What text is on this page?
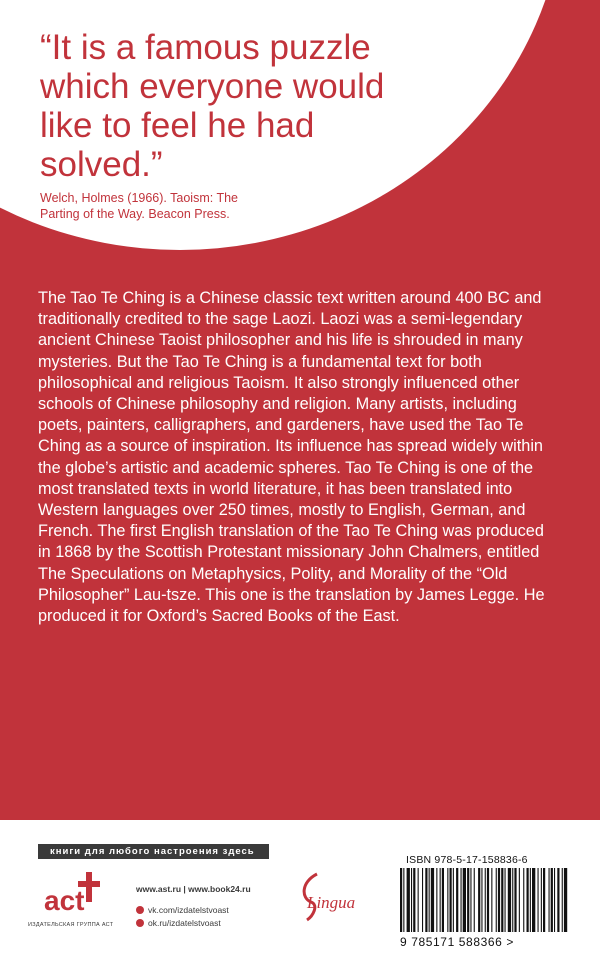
“It is a famous puzzle which everyone would like to feel he had solved.”

Welch, Holmes (1966). Taoism: The Parting of the Way. Beacon Press.

The Tao Te Ching is a Chinese classic text written around 400 BC and traditionally credited to the sage Laozi. Laozi was a semi-legendary ancient Chinese Taoist philosopher and his life is shrouded in many mysteries. But the Tao Te Ching is a fundamental text for both philosophical and religious Taoism. It also strongly influenced other schools of Chinese philosophy and religion. Many artists, including poets, painters, calligraphers, and gardeners, have used the Tao Te Ching as a source of inspiration. Its influence has spread widely within the globe’s artistic and academic spheres. Tao Te Ching is one of the most translated texts in world literature, it has been translated into Western languages over 250 times, mostly to English, German, and French. The first English translation of the Tao Te Ching was produced in 1868 by the Scottish Protestant missionary John Chalmers, entitled The Speculations on Metaphysics, Polity, and Morality of the “Old Philosopher” Lau-tsze. This one is the translation by James Legge. He produced it for Oxford’s Sacred Books of the East.

книги для любого настроения здесь
act
ИЗДАТЕЛЬСКАЯ ГРУППА АСТ
www.ast.ru | www.book24.ru
vk.com/izdatelstvoast
ok.ru/izdatelstvoast
Lingua
ISBN 978-5-17-158836-6
9 785171 588366 >
